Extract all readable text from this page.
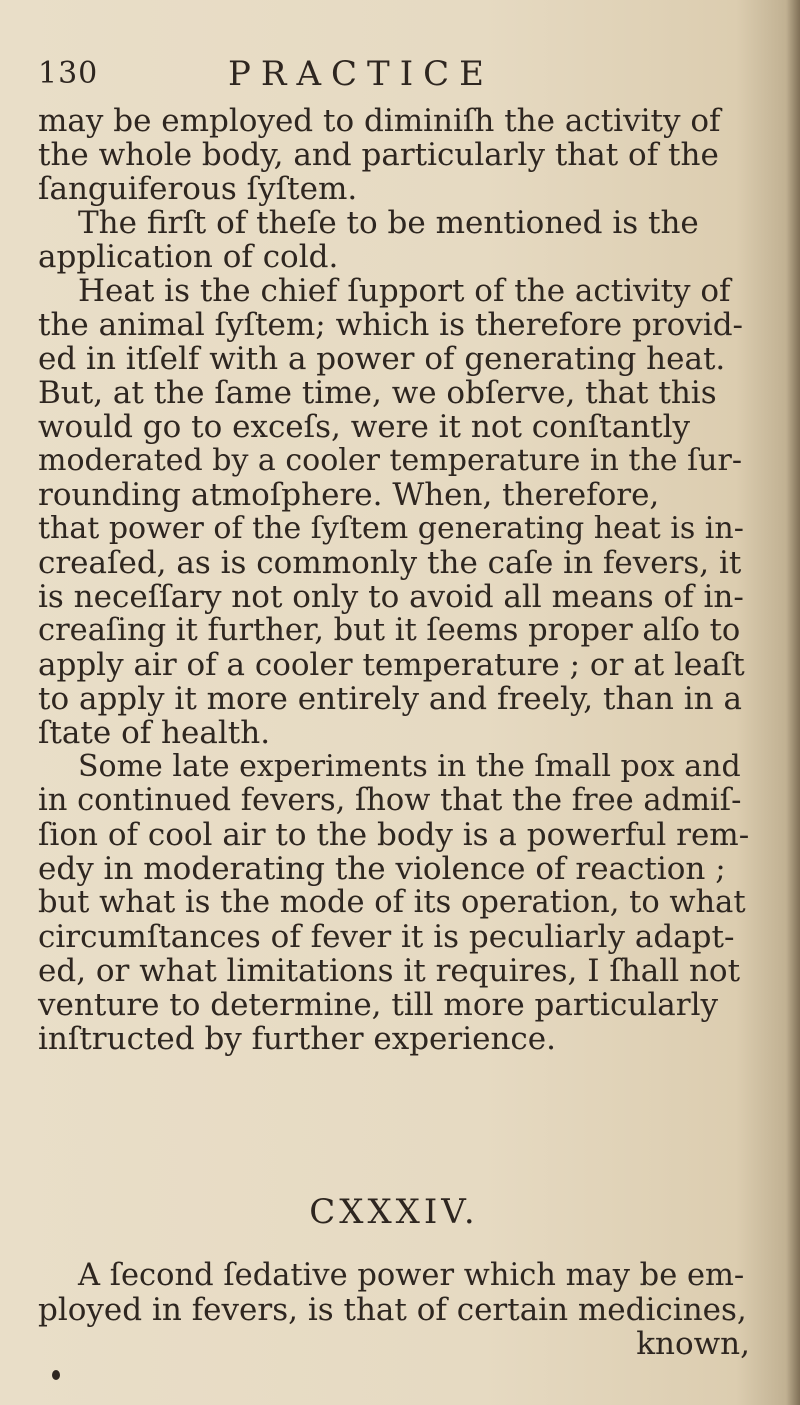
130	PRACTICE
may be employed to diminiſh the activity of
the whole body, and particularly that of the
ſanguiferous ſyſtem.
The firſt of theſe to be mentioned is the
application of cold.
Heat is the chief ſupport of the activity of
the animal ſyſtem; which is therefore provid-
ed in itſelf with a power of generating heat.
But, at the ſame time, we obſerve, that this
would go to exceſs, were it not conſtantly
moderated by a cooler temperature in the ſur-
rounding atmoſphere. When, therefore,
that power of the ſyſtem generating heat is in-
creaſed, as is commonly the caſe in fevers, it
is neceſſary not only to avoid all means of in-
creaſing it further, but it ſeems proper alſo to
apply air of a cooler temperature ; or at leaſt
to apply it more entirely and freely, than in a
ſtate of health.
Some late experiments in the ſmall pox and
in continued fevers, ſhow that the free admiſ-
ſion of cool air to the body is a powerful rem-
edy in moderating the violence of reaction ;
but what is the mode of its operation, to what
circumſtances of fever it is peculiarly adapt-
ed, or what limitations it requires, I ſhall not
venture to determine, till more particularly
inſtructed by further experience.
CXXXIV.
A ſecond ſedative power which may be em-
ployed in fevers, is that of certain medicines,
known,
